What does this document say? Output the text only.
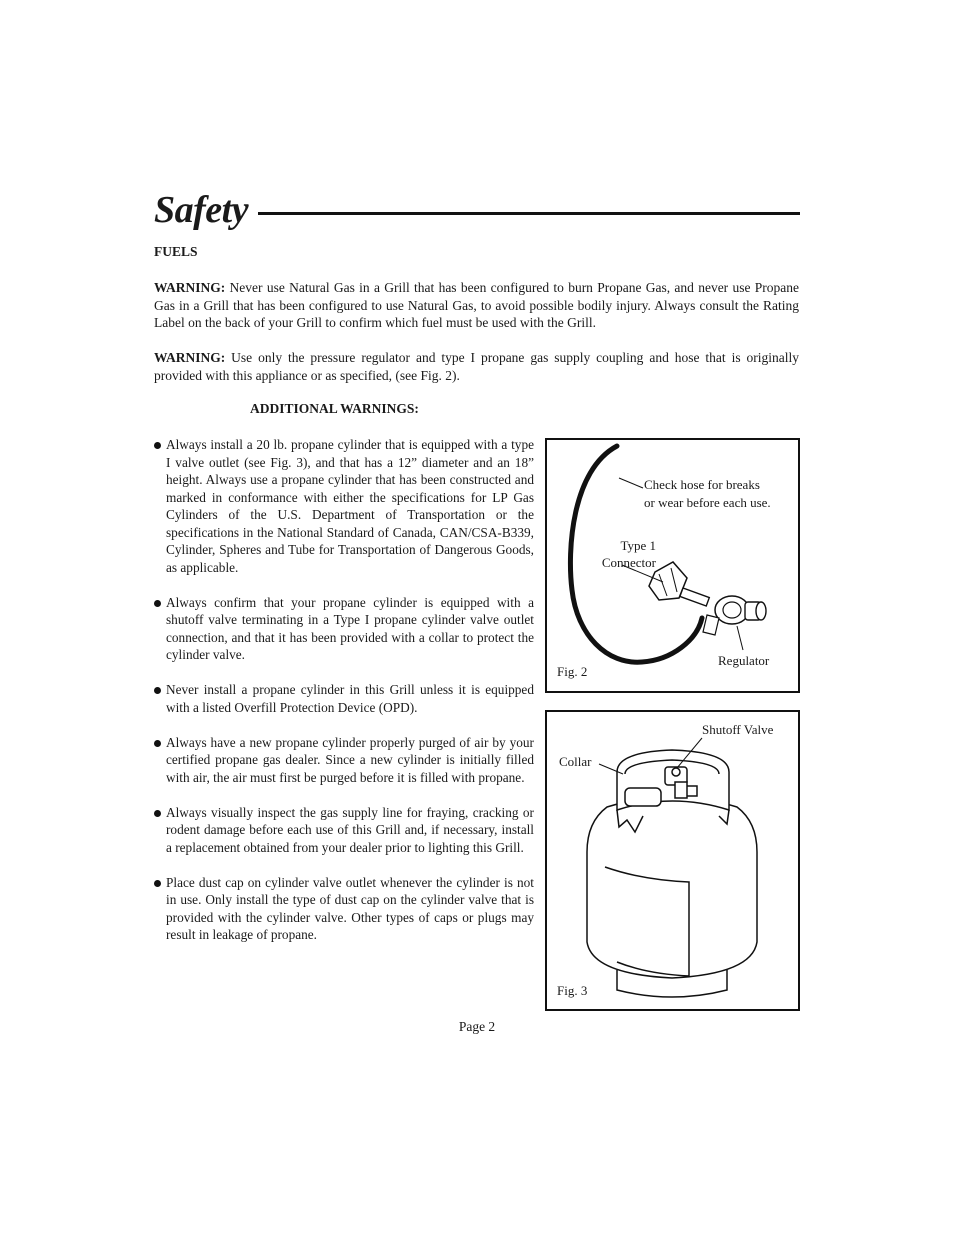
Safety
FUELS
WARNING: Never use Natural Gas in a Grill that has been configured to burn Propane Gas, and never use Propane Gas in a Grill that has been configured to use Natural Gas, to avoid possible bodily injury. Always consult the Rating Label on the back of your Grill to confirm which fuel must be used with the Grill.
WARNING: Use only the pressure regulator and type I propane gas supply coupling and hose that is originally provided with this appliance or as specified, (see Fig. 2).
ADDITIONAL WARNINGS:
Always install a 20 lb. propane cylinder that is equipped with a type I valve outlet (see Fig. 3), and that has a 12” diameter and an 18” height. Always use a propane cylinder that has been constructed and marked in conformance with either the specifications for LP Gas Cylinders of the U.S. Department of Transportation or the specifications in the National Standard of Canada, CAN/CSA-B339, Cylinder, Spheres and Tube for Transportation of Dangerous Goods, as applicable.
Always confirm that your propane cylinder is equipped with a shutoff valve terminating in a Type I propane cylinder valve outlet connection, and that it has been provided with a collar to protect the cylinder valve.
Never install a propane cylinder in this Grill unless it is equipped with a listed Overfill Protection Device (OPD).
Always have a new propane cylinder properly purged of air by your certified propane gas dealer. Since a new cylinder is initially filled with air, the air must first be purged before it is filled with propane.
Always visually inspect the gas supply line for fraying, cracking or rodent damage before each use of this Grill and, if necessary, install a replacement obtained from your dealer prior to lighting this Grill.
Place dust cap on cylinder valve outlet whenever the cylinder is not in use. Only install the type of dust cap on the cylinder valve that is provided with the cylinder valve. Other types of caps or plugs may result in leakage of propane.
Check hose for breaks
or wear before each use.
Type 1
Connector
Regulator
Fig. 2
Shutoff Valve
Collar
Fig. 3
Page 2
